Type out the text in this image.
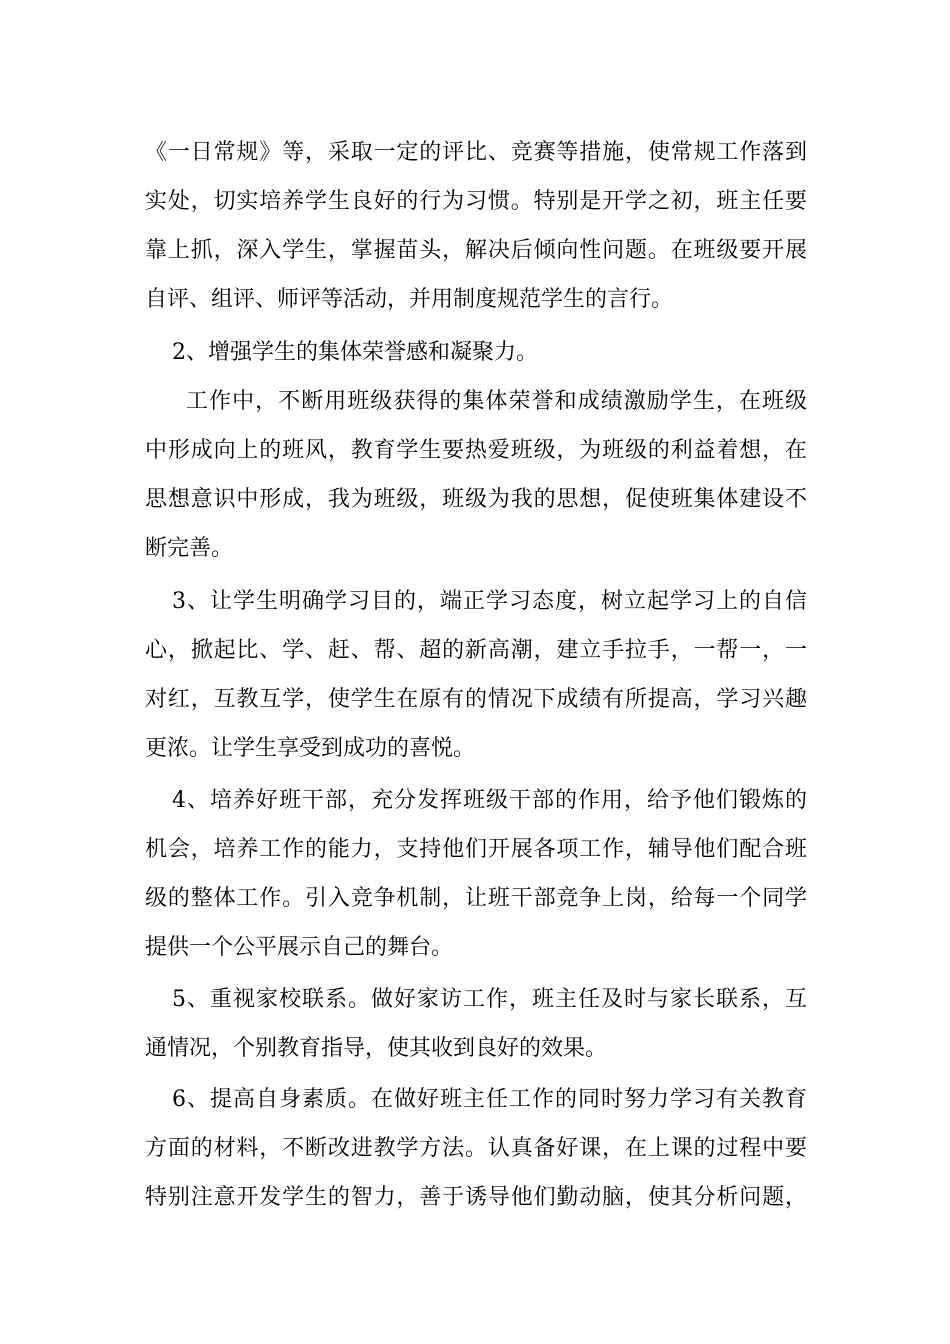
《一日常规》等，采取一定的评比、竞赛等措施，使常规工作落到
实处，切实培养学生良好的行为习惯。特别是开学之初，班主任要
靠上抓，深入学生，掌握苗头，解决后倾向性问题。在班级要开展
自评、组评、师评等活动，并用制度规范学生的言行。
2、增强学生的集体荣誉感和凝聚力。
工作中，不断用班级获得的集体荣誉和成绩激励学生，在班级
中形成向上的班风，教育学生要热爱班级，为班级的利益着想，在
思想意识中形成，我为班级，班级为我的思想，促使班集体建设不
断完善。
3、让学生明确学习目的，端正学习态度，树立起学习上的自信
心，掀起比、学、赶、帮、超的新高潮，建立手拉手，一帮一，一
对红，互教互学，使学生在原有的情况下成绩有所提高，学习兴趣
更浓。让学生享受到成功的喜悦。
4、培养好班干部，充分发挥班级干部的作用，给予他们锻炼的
机会，培养工作的能力，支持他们开展各项工作，辅导他们配合班
级的整体工作。引入竞争机制，让班干部竞争上岗，给每一个同学
提供一个公平展示自己的舞台。
5、重视家校联系。做好家访工作，班主任及时与家长联系，互
通情况，个别教育指导，使其收到良好的效果。
6、提高自身素质。在做好班主任工作的同时努力学习有关教育
方面的材料，不断改进教学方法。认真备好课，在上课的过程中要
特别注意开发学生的智力，善于诱导他们勤动脑，使其分析问题，
